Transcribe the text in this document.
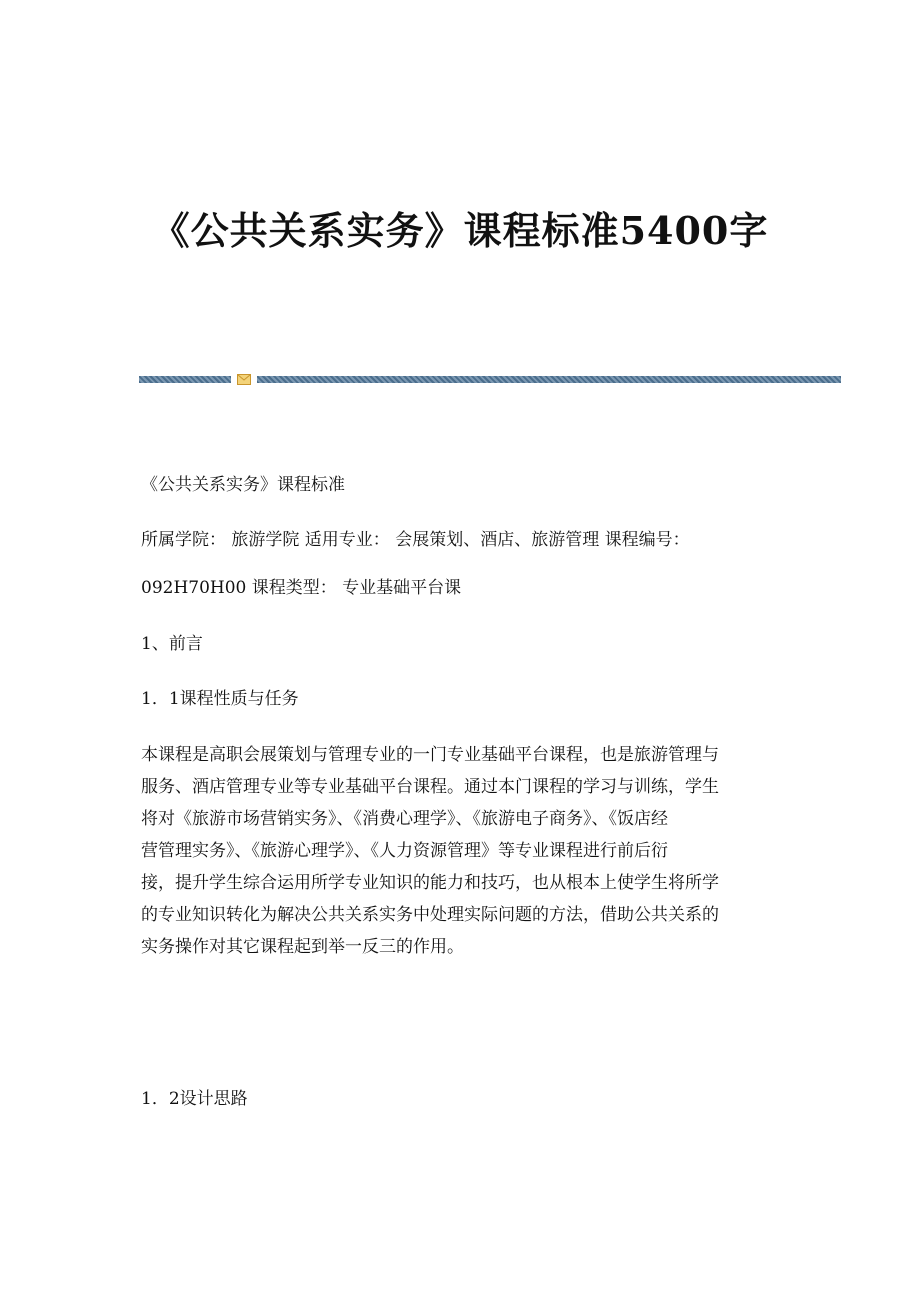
《公共关系实务》课程标准5400字
《公共关系实务》课程标准
所属学院： 旅游学院 适用专业： 会展策划、酒店、旅游管理 课程编号：
092H70H00 课程类型： 专业基础平台课
1、前言
1．1课程性质与任务
本课程是高职会展策划与管理专业的一门专业基础平台课程，也是旅游管理与
服务、酒店管理专业等专业基础平台课程。通过本门课程的学习与训练，学生
将对《旅游市场营销实务》、《消费心理学》、《旅游电子商务》、《饭店经
营管理实务》、《旅游心理学》、《人力资源管理》等专业课程进行前后衍
接，提升学生综合运用所学专业知识的能力和技巧，也从根本上使学生将所学
的专业知识转化为解决公共关系实务中处理实际问题的方法，借助公共关系的
实务操作对其它课程起到举一反三的作用。
1．2设计思路
